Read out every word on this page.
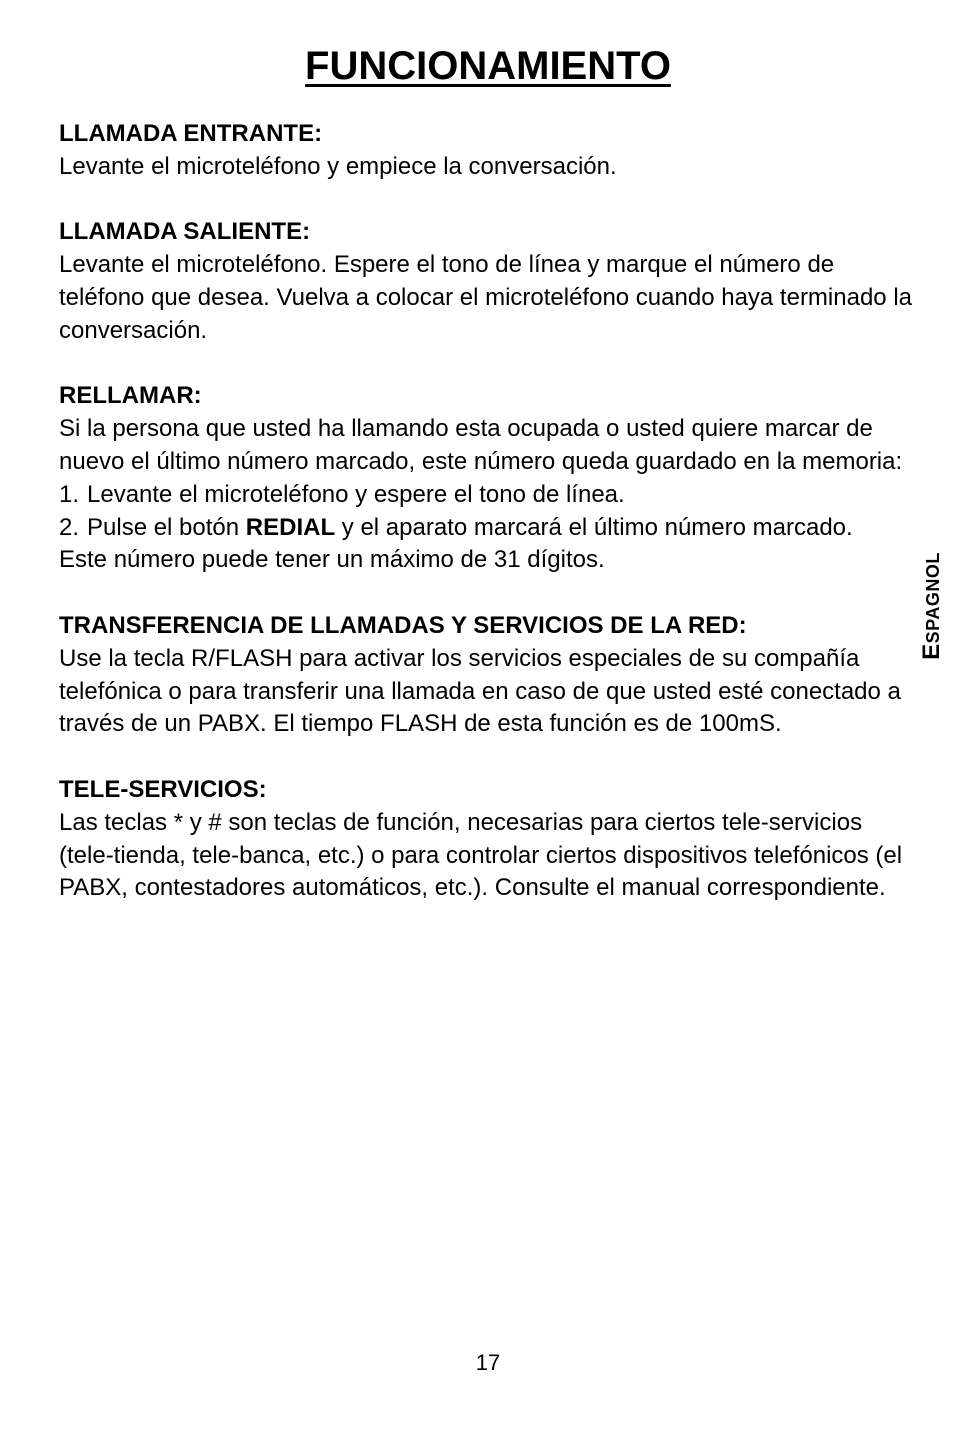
FUNCIONAMIENTO
LLAMADA ENTRANTE:

Levante el microteléfono y empiece la conversación.

LLAMADA SALIENTE:

Levante el microteléfono. Espere el tono de línea y marque el número de teléfono que desea. Vuelva a colocar el microteléfono cuando haya terminado la conversación.

RELLAMAR:

Si la persona que usted ha llamando esta ocupada o usted quiere marcar de nuevo el último número marcado, este número queda guardado en la memoria:

1. Levante el microteléfono y espere el tono de línea.
2. Pulse el botón REDIAL y el aparato marcará el último número marcado.

Este número puede tener un máximo de 31 dígitos.

TRANSFERENCIA DE LLAMADAS Y SERVICIOS DE LA RED:

Use la tecla R/FLASH para activar los servicios especiales de su compañía telefónica o para transferir una llamada en caso de que usted esté conectado a través de un PABX. El tiempo FLASH de esta función es de 100mS.

TELE-SERVICIOS:

Las teclas * y # son teclas de función, necesarias para ciertos tele-servicios (tele-tienda, tele-banca, etc.) o para controlar ciertos dispositivos telefónicos (el PABX, contestadores automáticos, etc.). Consulte el manual correspondiente.

ESPAGNOL
17
